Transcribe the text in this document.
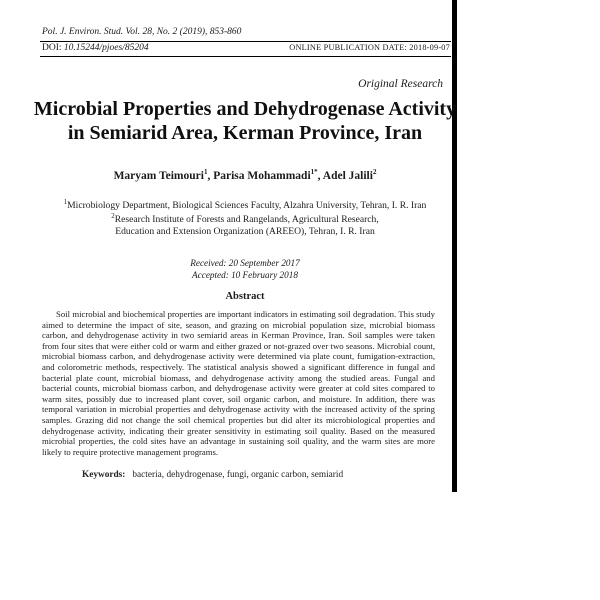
Pol. J. Environ. Stud. Vol. 28, No. 2 (2019), 853-860
DOI: 10.15244/pjoes/85204	ONLINE PUBLICATION DATE: 2018-09-07
Original Research
Microbial Properties and Dehydrogenase Activity
in Semiarid Area, Kerman Province, Iran
Maryam Teimouri$^1$, Parisa Mohammadi$^{1*}$, Adel Jalili$^2$
$^1$Microbiology Department, Biological Sciences Faculty, Alzahra University, Tehran, I. R. Iran
$^2$Research Institute of Forests and Rangelands, Agricultural Research,
Education and Extension Organization (AREEO), Tehran, I. R. Iran
Received: 20 September 2017
Accepted: 10 February 2018
Abstract
Soil microbial and biochemical properties are important indicators in estimating soil degradation. This study aimed to determine the impact of site, season, and grazing on microbial population size, microbial biomass carbon, and dehydrogenase activity in two semiarid areas in Kerman Province, Iran. Soil samples were taken from four sites that were either cold or warm and either grazed or not-grazed over two seasons. Microbial count, microbial biomass carbon, and dehydrogenase activity were determined via plate count, fumigation-extraction, and colorometric methods, respectively. The statistical analysis showed a significant difference in fungal and bacterial plate count, microbial biomass, and dehydrogenase activity among the studied areas. Fungal and bacterial counts, microbial biomass carbon, and dehydrogenase activity were greater at cold sites compared to warm sites, possibly due to increased plant cover, soil organic carbon, and moisture. In addition, there was temporal variation in microbial properties and dehydrogenase activity with the increased activity of the spring samples. Grazing did not change the soil chemical properties but did alter its microbiological properties and dehydrogenase activity, indicating their greater sensitivity in estimating soil quality. Based on the measured microbial properties, the cold sites have an advantage in sustaining soil quality, and the warm sites are more likely to require protective management programs.
Keywords: bacteria, dehydrogenase, fungi, organic carbon, semiarid
